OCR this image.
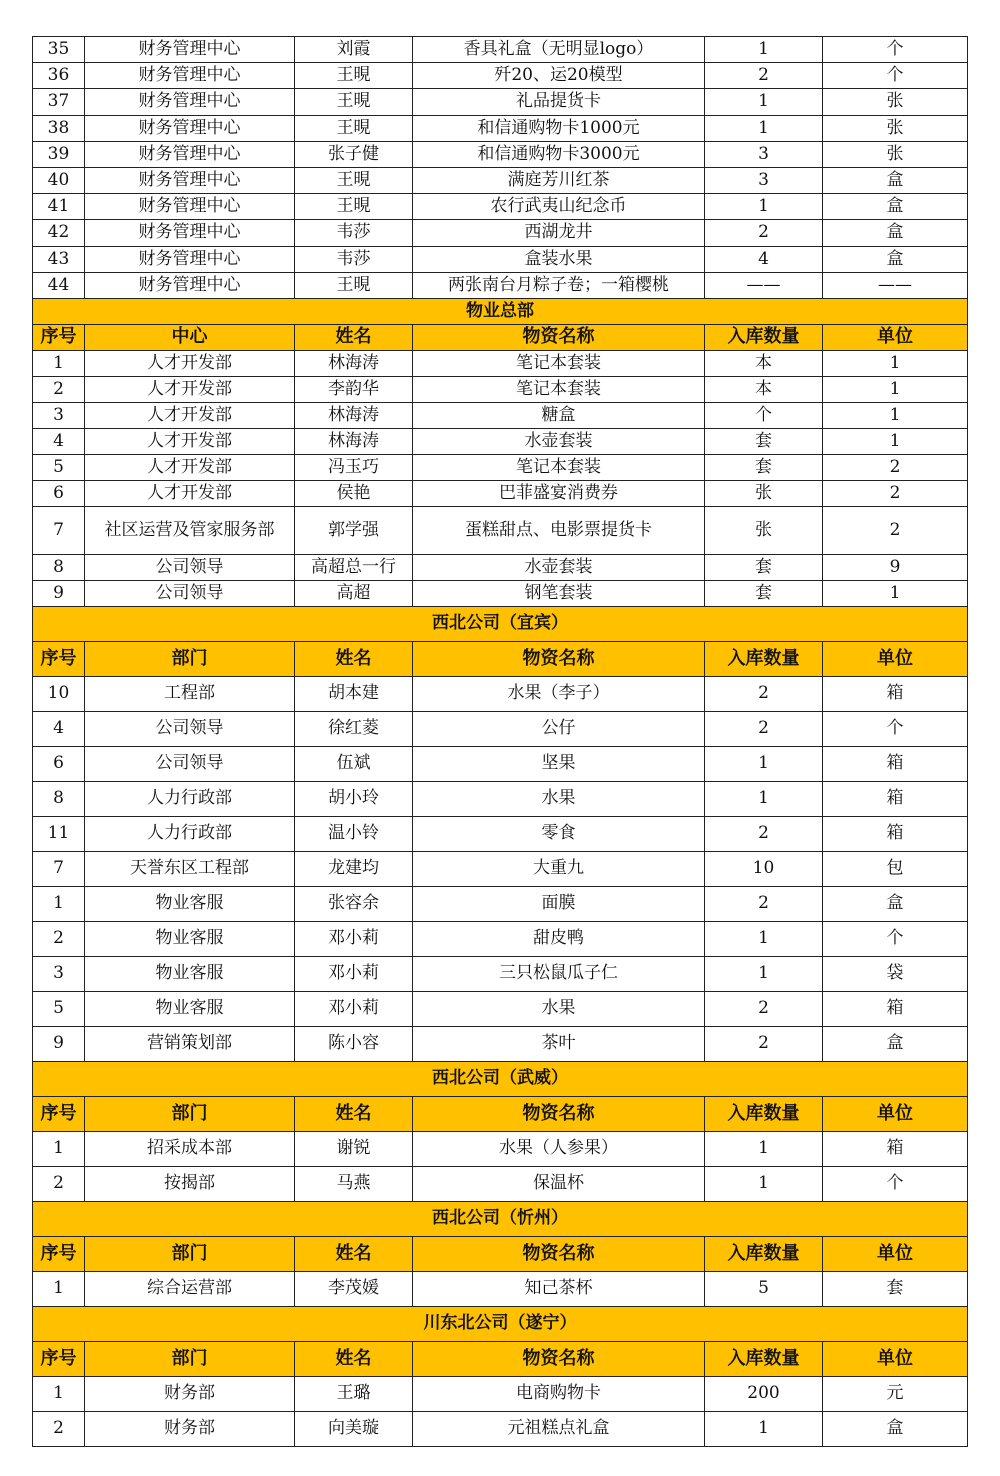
35	财务管理中心	刘霞	香具礼盒（无明显logo）	1	个
36	财务管理中心	王晛	歼20、运20模型	2	个
37	财务管理中心	王晛	礼品提货卡	1	张
38	财务管理中心	王晛	和信通购物卡1000元	1	张
39	财务管理中心	张子健	和信通购物卡3000元	3	张
40	财务管理中心	王晛	满庭芳川红茶	3	盒
41	财务管理中心	王晛	农行武夷山纪念币	1	盒
42	财务管理中心	韦莎	西湖龙井	2	盒
43	财务管理中心	韦莎	盒装水果	4	盒
44	财务管理中心	王晛	两张南台月粽子卷；一箱樱桃	——	——
物业总部					
序号	中心	姓名	物资名称	入库数量	单位
1	人才开发部	林海涛	笔记本套装	本	1
2	人才开发部	李韵华	笔记本套装	本	1
3	人才开发部	林海涛	糖盒	个	1
4	人才开发部	林海涛	水壶套装	套	1
5	人才开发部	冯玉巧	笔记本套装	套	2
6	人才开发部	侯艳	巴菲盛宴消费券	张	2
7	社区运营及管家服务部	郭学强	蛋糕甜点、电影票提货卡	张	2
8	公司领导	高超总一行	水壶套装	套	9
9	公司领导	高超	钢笔套装	套	1
西北公司（宜宾）					
序号	部门	姓名	物资名称	入库数量	单位
10	工程部	胡本建	水果（李子）	2	箱
4	公司领导	徐红菱	公仔	2	个
6	公司领导	伍斌	坚果	1	箱
8	人力行政部	胡小玲	水果	1	箱
11	人力行政部	温小铃	零食	2	箱
7	天誉东区工程部	龙建均	大重九	10	包
1	物业客服	张容余	面膜	2	盒
2	物业客服	邓小莉	甜皮鸭	1	个
3	物业客服	邓小莉	三只松鼠瓜子仁	1	袋
5	物业客服	邓小莉	水果	2	箱
9	营销策划部	陈小容	茶叶	2	盒
西北公司（武威）					
序号	部门	姓名	物资名称	入库数量	单位
1	招采成本部	谢锐	水果（人参果）	1	箱
2	按揭部	马燕	保温杯	1	个
西北公司（忻州）					
序号	部门	姓名	物资名称	入库数量	单位
1	综合运营部	李茂媛	知己茶杯	5	套
川东北公司（遂宁）					
序号	部门	姓名	物资名称	入库数量	单位
1	财务部	王璐	电商购物卡	200	元
2	财务部	向美璇	元祖糕点礼盒	1	盒
